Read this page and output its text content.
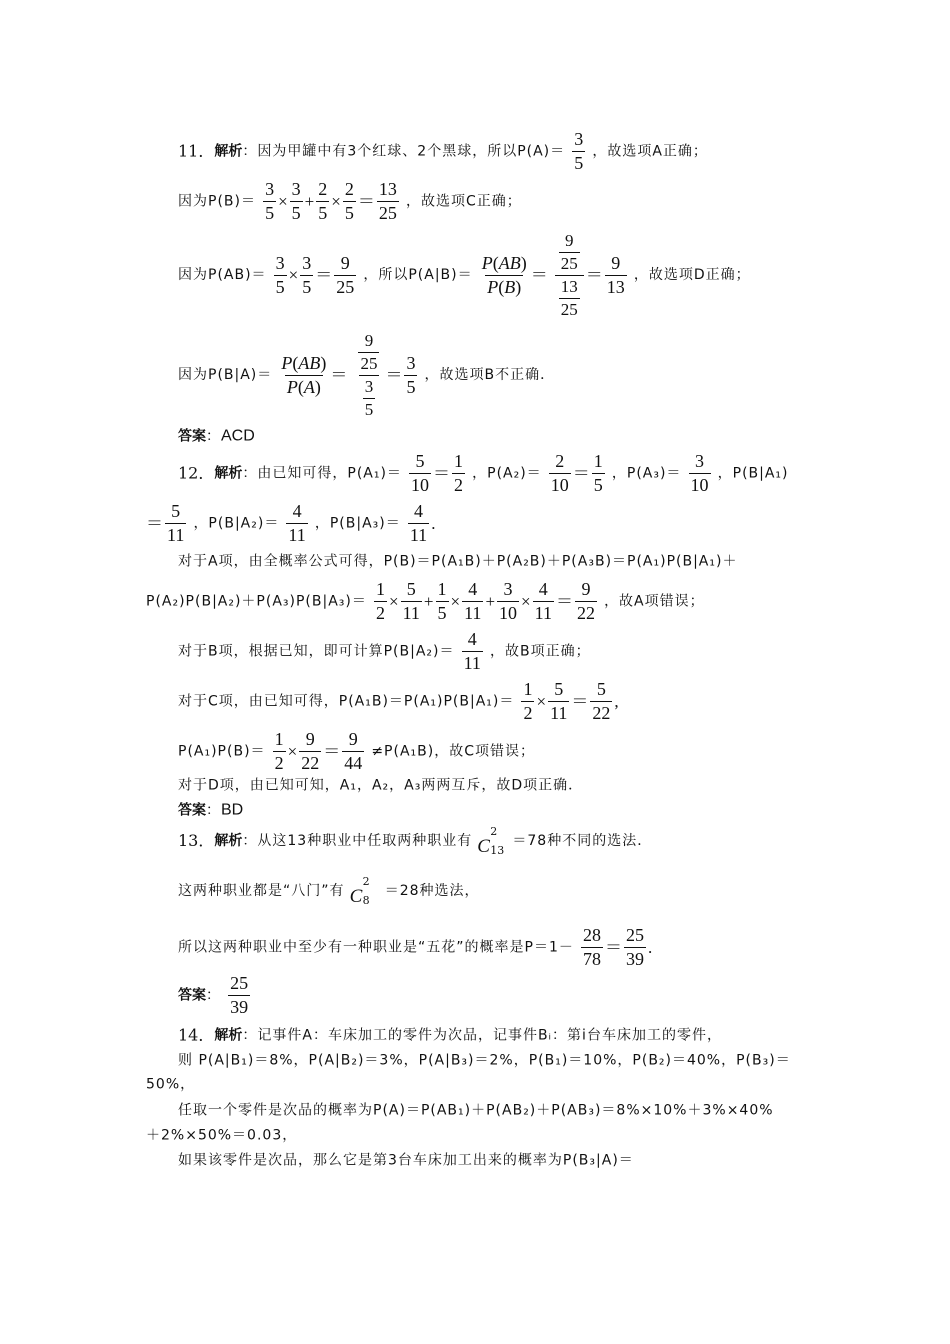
11．解析：因为甲罐中有3个红球、2个黑球，所以$P(A)= \frac{3}{5}$ ，故选项A正确；
因为$P(B)= \frac{3}{5} \times \frac{3}{5} + \frac{2}{5} \times \frac{2}{5} = \frac{13}{25}$ ，故选项C正确；
因为$P(AB)= \frac{3}{5} \times \frac{3}{5} = \frac{9}{25}$ ，所以$P(A|B)= \frac{P(AB)}{P(B)} = \frac{\frac{9}{25}}{\frac{13}{25}} = \frac{9}{13}$ ，故选项D正确；
因为$P(B|A)= \frac{P(AB)}{P(A)} = \frac{\frac{9}{25}}{\frac{3}{5}} = \frac{3}{5}$ ，故选项B不正确．
答案：ACD
12．解析：由已知可得，$P(A_1)= \frac{5}{10} = \frac{1}{2}$ ，$P(A_2)= \frac{2}{10} = \frac{1}{5}$ ，$P(A_3)= \frac{3}{10}$ ，P(B|A₁)
＝ $\frac{5}{11}$ ，$P(B|A_2)= \frac{4}{11}$ ，$P(B|A_3)= \frac{4}{11}$ .
对于A项，由全概率公式可得，P(B)＝P(A₁B)＋P(A₂B)＋P(A₃B)＝P(A₁)P(B|A₁)＋
$P(A_2)P(B|A_2)+P(A_3)P(B|A_3)= \frac{1}{2} \times \frac{5}{11} + \frac{1}{5} \times \frac{4}{11} + \frac{3}{10} \times \frac{4}{11} = \frac{9}{22}$ ，故A项错误；
对于B项，根据已知，即可计算$P(B|A_2)= \frac{4}{11}$ ，故B项正确；
对于C项，由已知可得，$P(A_1B)=P(A_1)P(B|A_1)= \frac{1}{2} \times \frac{5}{11} = \frac{5}{22}$ ,
$P(A_1)P(B)= \frac{1}{2} \times \frac{9}{22} = \frac{9}{44} \ne P(A_1B)$，故C项错误；
对于D项，由已知可知，A₁，A₂，A₃两两互斥，故D项正确．
答案：BD
13．解析：从这13种职业中任取两种职业有 C
2
13
＝78种不同的选法．
这两种职业都是“八门”有 C
2
8
＝28种选法，
所以这两种职业中至少有一种职业是“五花”的概率是$P=1- \frac{28}{78} = \frac{25}{39}$ .
答案： $\frac{25}{39}$
14．解析：记事件A：车床加工的零件为次品，记事件Bᵢ：第i台车床加工的零件，
则 P(A|B₁)＝8%，P(A|B₂)＝3%，P(A|B₃)＝2%，P(B₁)＝10%，P(B₂)＝40%，P(B₃)＝
50%，
任取一个零件是次品的概率为P(A)＝P(AB₁)＋P(AB₂)＋P(AB₃)＝8%×10%＋3%×40%
＋2%×50%＝0.03，
如果该零件是次品，那么它是第3台车床加工出来的概率为P(B₃|A)＝
